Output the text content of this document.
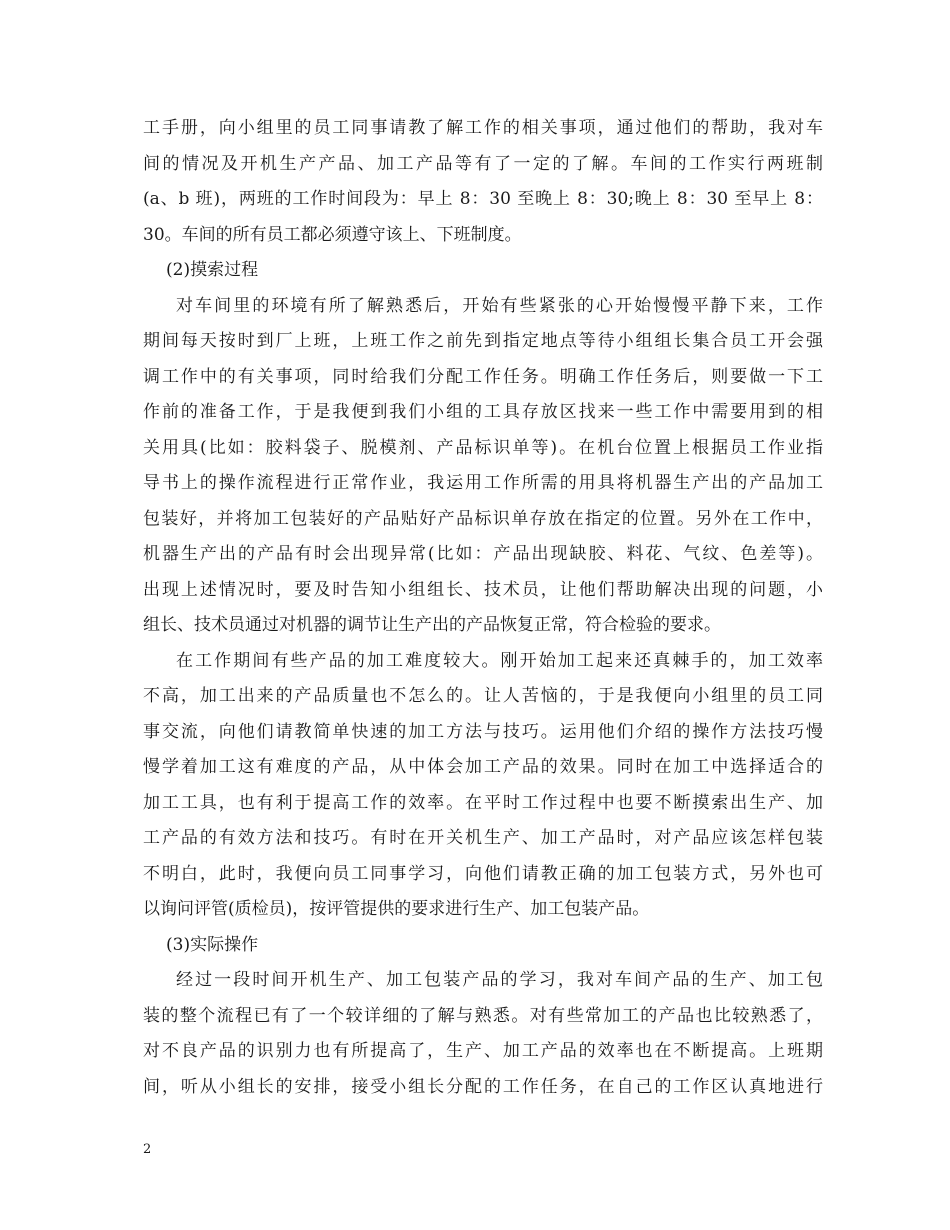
工手册，向小组里的员工同事请教了解工作的相关事项，通过他们的帮助，我对车
间的情况及开机生产产品、加工产品等有了一定的了解。车间的工作实行两班制
(a、b 班)，两班的工作时间段为：早上 8：30 至晚上 8：30;晚上 8：30 至早上 8：
30。车间的所有员工都必须遵守该上、下班制度。
(2)摸索过程
对车间里的环境有所了解熟悉后，开始有些紧张的心开始慢慢平静下来，工作
期间每天按时到厂上班，上班工作之前先到指定地点等待小组组长集合员工开会强
调工作中的有关事项，同时给我们分配工作任务。明确工作任务后，则要做一下工
作前的准备工作，于是我便到我们小组的工具存放区找来一些工作中需要用到的相
关用具(比如：胶料袋子、脱模剂、产品标识单等)。在机台位置上根据员工作业指
导书上的操作流程进行正常作业，我运用工作所需的用具将机器生产出的产品加工
包装好，并将加工包装好的产品贴好产品标识单存放在指定的位置。另外在工作中，
机器生产出的产品有时会出现异常(比如：产品出现缺胶、料花、气纹、色差等)。
出现上述情况时，要及时告知小组组长、技术员，让他们帮助解决出现的问题，小
组长、技术员通过对机器的调节让生产出的产品恢复正常，符合检验的要求。
在工作期间有些产品的加工难度较大。刚开始加工起来还真棘手的，加工效率
不高，加工出来的产品质量也不怎么的。让人苦恼的，于是我便向小组里的员工同
事交流，向他们请教简单快速的加工方法与技巧。运用他们介绍的操作方法技巧慢
慢学着加工这有难度的产品，从中体会加工产品的效果。同时在加工中选择适合的
加工工具，也有利于提高工作的效率。在平时工作过程中也要不断摸索出生产、加
工产品的有效方法和技巧。有时在开关机生产、加工产品时，对产品应该怎样包装
不明白，此时，我便向员工同事学习，向他们请教正确的加工包装方式，另外也可
以询问评管(质检员)，按评管提供的要求进行生产、加工包装产品。
(3)实际操作
经过一段时间开机生产、加工包装产品的学习，我对车间产品的生产、加工包
装的整个流程已有了一个较详细的了解与熟悉。对有些常加工的产品也比较熟悉了，
对不良产品的识别力也有所提高了，生产、加工产品的效率也在不断提高。上班期
间，听从小组长的安排，接受小组长分配的工作任务，在自己的工作区认真地进行
2
